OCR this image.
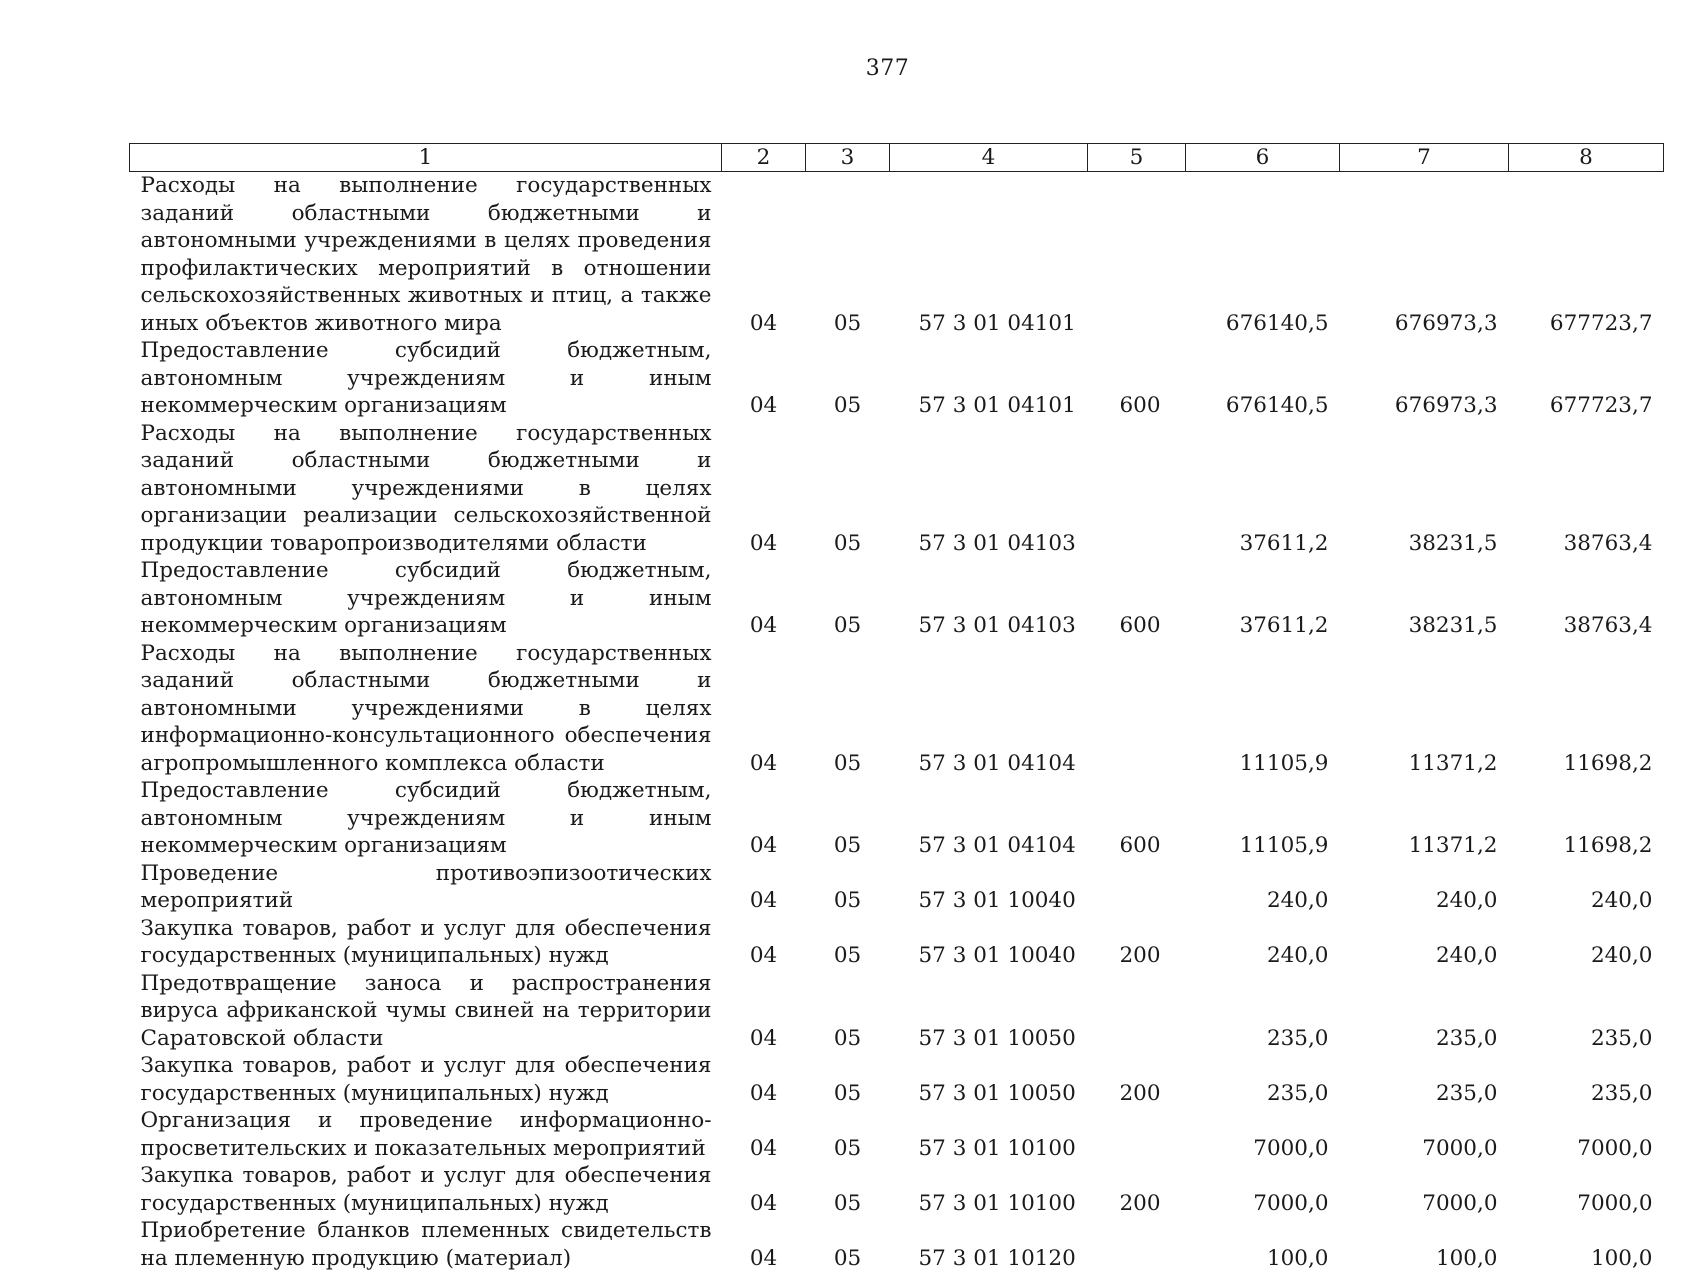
377
1	2	3	4	5	6	7	8
Расходы на выполнение государственных заданий областными бюджетными и автономными учреждениями в целях проведения профилактических мероприятий в отношении сельскохозяйственных животных и птиц, а также иных объектов животного мира	04	05	57 3 01 04101		676140,5	676973,3	677723,7
Предоставление субсидий бюджетным, автономным учреждениям и иным некоммерческим организациям	04	05	57 3 01 04101	600	676140,5	676973,3	677723,7
Расходы на выполнение государственных заданий областными бюджетными и автономными учреждениями в целях организации реализации сельскохозяйственной продукции товаропроизводителями области	04	05	57 3 01 04103		37611,2	38231,5	38763,4
Предоставление субсидий бюджетным, автономным учреждениям и иным некоммерческим организациям	04	05	57 3 01 04103	600	37611,2	38231,5	38763,4
Расходы на выполнение государственных заданий областными бюджетными и автономными учреждениями в целях информационно-консультационного обеспечения агропромышленного комплекса области	04	05	57 3 01 04104		11105,9	11371,2	11698,2
Предоставление субсидий бюджетным, автономным учреждениям и иным некоммерческим организациям	04	05	57 3 01 04104	600	11105,9	11371,2	11698,2
Проведение противоэпизоотических мероприятий	04	05	57 3 01 10040		240,0	240,0	240,0
Закупка товаров, работ и услуг для обеспечения государственных (муниципальных) нужд	04	05	57 3 01 10040	200	240,0	240,0	240,0
Предотвращение заноса и распространения вируса африканской чумы свиней на территории Саратовской области	04	05	57 3 01 10050		235,0	235,0	235,0
Закупка товаров, работ и услуг для обеспечения государственных (муниципальных) нужд	04	05	57 3 01 10050	200	235,0	235,0	235,0
Организация и проведение информационно-просветительских и показательных мероприятий	04	05	57 3 01 10100		7000,0	7000,0	7000,0
Закупка товаров, работ и услуг для обеспечения государственных (муниципальных) нужд	04	05	57 3 01 10100	200	7000,0	7000,0	7000,0
Приобретение бланков племенных свидетельств на племенную продукцию (материал)	04	05	57 3 01 10120		100,0	100,0	100,0
